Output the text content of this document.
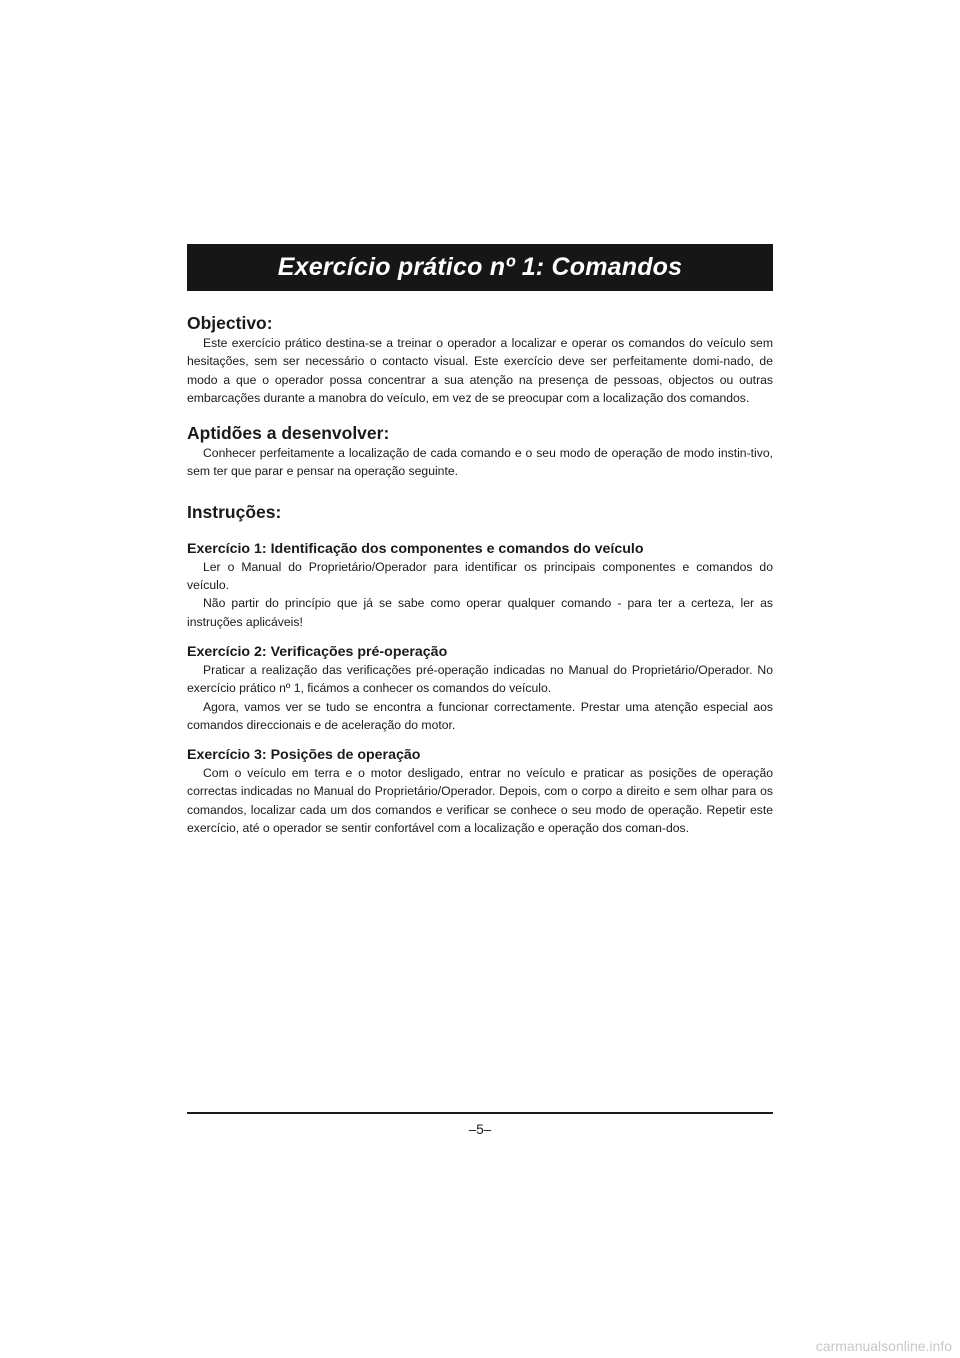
Exercício prático nº 1: Comandos
Objectivo:

Este exercício prático destina-se a treinar o operador a localizar e operar os comandos do veículo sem hesitações, sem ser necessário o contacto visual. Este exercício deve ser perfeitamente domi-nado, de modo a que o operador possa concentrar a sua atenção na presença de pessoas, objectos ou outras embarcações durante a manobra do veículo, em vez de se preocupar com a localização dos comandos.

Aptidões a desenvolver:

Conhecer perfeitamente a localização de cada comando e o seu modo de operação de modo instin-tivo, sem ter que parar e pensar na operação seguinte.

Instruções:
Exercício 1: Identificação dos componentes e comandos do veículo

Ler o Manual do Proprietário/Operador para identificar os principais componentes e comandos do veículo.

Não partir do princípio que já se sabe como operar qualquer comando - para ter a certeza, ler as instruções aplicáveis!

Exercício 2: Verificações pré-operação

Praticar a realização das verificações pré-operação indicadas no Manual do Proprietário/Operador. No exercício prático nº 1, ficámos a conhecer os comandos do veículo.

Agora, vamos ver se tudo se encontra a funcionar correctamente. Prestar uma atenção especial aos comandos direccionais e de aceleração do motor.

Exercício 3: Posições de operação

Com o veículo em terra e o motor desligado, entrar no veículo e praticar as posições de operação correctas indicadas no Manual do Proprietário/Operador. Depois, com o corpo a direito e sem olhar para os comandos, localizar cada um dos comandos e verificar se conhece o seu modo de operação. Repetir este exercício, até o operador se sentir confortável com a localização e operação dos coman-dos.

–5–
carmanualsonline.info
